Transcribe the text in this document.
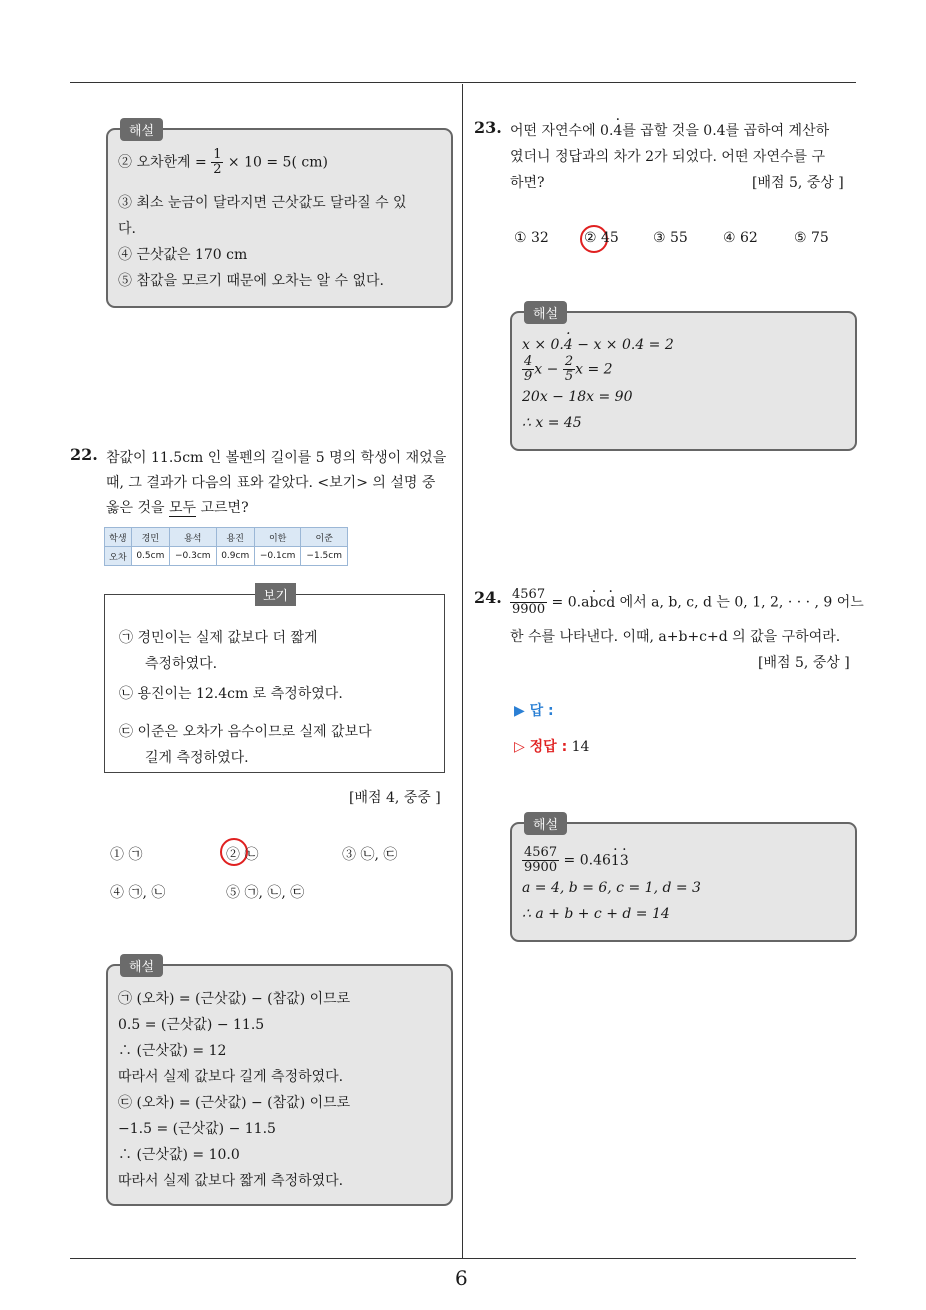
6
해설
② 오차한계 = $\frac{1}{2} \times 10 = 5$( cm)
③ 최소 눈금이 달라지면 근삿값도 달라질 수 있
다.
④ 근삿값은 170 cm
⑤ 참값을 모르기 때문에 오차는 알 수 없다.
22. 참값이 11.5cm 인 볼펜의 길이를 5 명의 학생이 재었을
때, 그 결과가 다음의 표와 같았다. <보기> 의 설명 중
옳은 것을 모두 고르면?
학생	경민	용석	용진	이한	이준
오차	0.5cm	−0.3cm	0.9cm	−0.1cm	−1.5cm
보기
㉠ 경민이는 실제 값보다 더 짧게
측정하였다.
㉡ 용진이는 12.4cm 로 측정하였다.
㉢ 이준은 오차가 음수이므로 실제 값보다
길게 측정하였다.
[배점 4, 중중 ]
① ㉠	② ㉡	③ ㉡, ㉢
④ ㉠, ㉡	⑤ ㉠, ㉡, ㉢
해설
㉠ (오차) = (근삿값) − (참값) 이므로
0.5 = (근삿값) − 11.5
∴ (근삿값) = 12
따라서 실제 값보다 길게 측정하였다.
㉢ (오차) = (근삿값) − (참값) 이므로
−1.5 = (근삿값) − 11.5
∴ (근삿값) = 10.0
따라서 실제 값보다 짧게 측정하였다.
23. 어떤 자연수에 0.· 4를 곱할 것을 0.4를 곱하여 계산하
였더니 정답과의 차가 2가 되었다. 어떤 자연수를 구
하면?	[배점 5, 중상 ]
① 32	② 45 ③ 55	④ 62	⑤ 75
해설
x × 0.· 4 − x × 0.4 = 2
$\frac{4}{9}$ $x - \frac{2}{5}$ x = 2
20x − 18x = 90
∴ x = 45
24. $\frac{4567}{9900} = 0.a\cdot bc\cdot d$ 에서 a, b, c, d 는 0, 1, 2, · · · , 9 어느
한 수를 나타낸다. 이때, a+b+c+d 의 값을 구하여라.
[배점 5, 중상 ]
▶ 답 :
▷ 정답 : 14
해설
$\frac{4567}{9900} = 0.46\cdot 1\cdot 3$
a = 4, b = 6, c = 1, d = 3
∴ a + b + c + d = 14
